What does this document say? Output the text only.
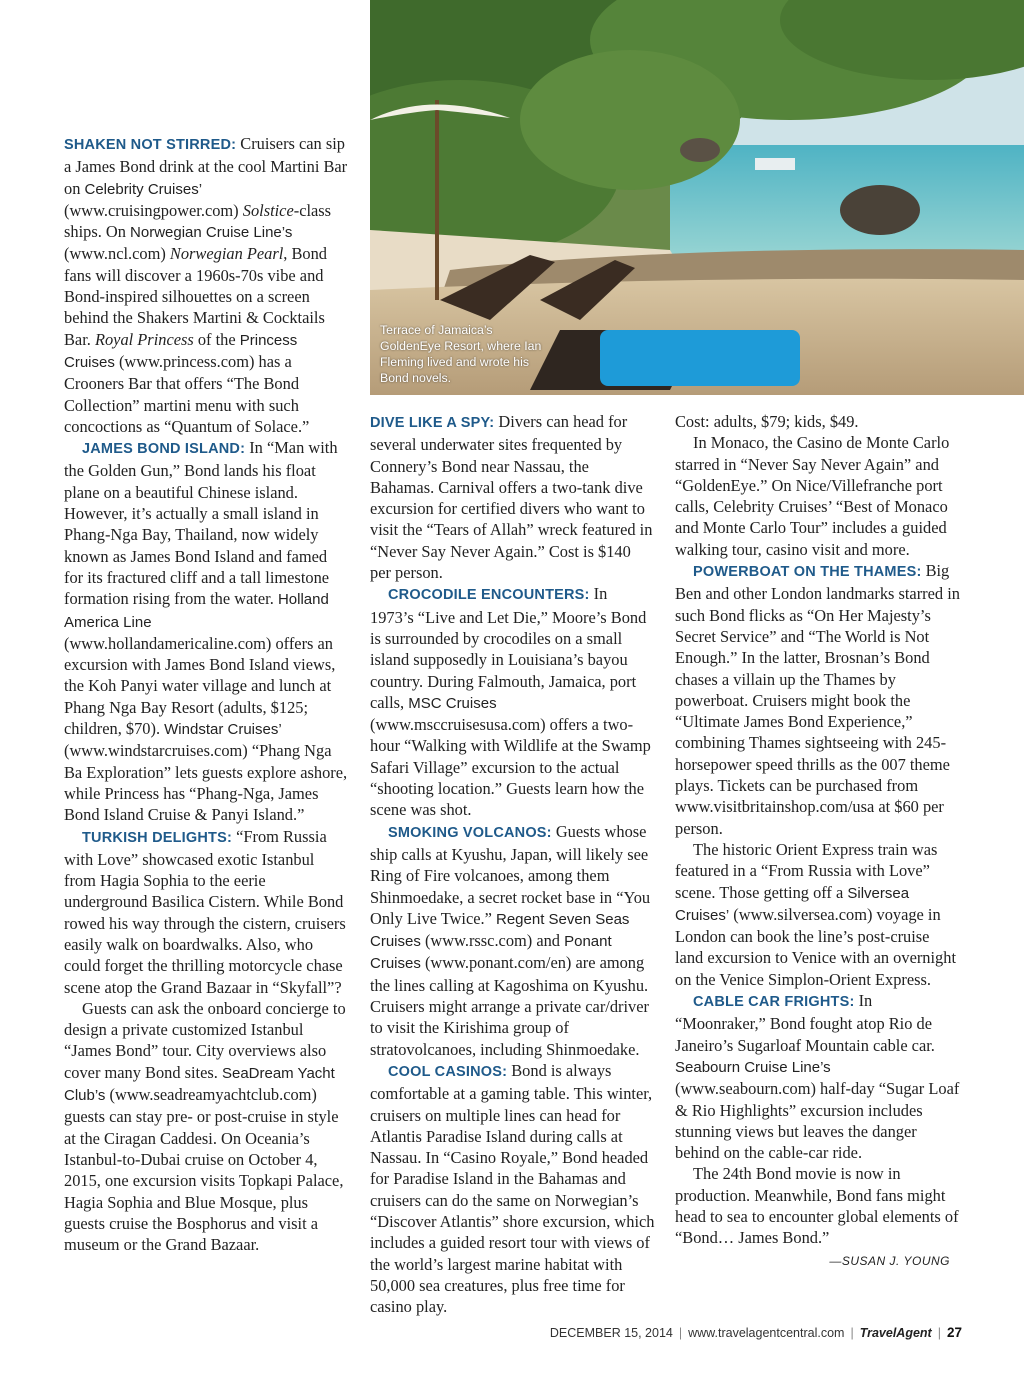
Terrace of Jamaica’s GoldenEye Resort, where Ian Fleming lived and wrote his Bond novels.

SHAKEN NOT STIRRED: Cruisers can sip a James Bond drink at the cool Martini Bar on Celebrity Cruises’ (www.cruisingpower.com) Solstice-class ships. On Norwegian Cruise Line’s (www.ncl.com) Norwegian Pearl, Bond fans will discover a 1960s-70s vibe and Bond-inspired silhouettes on a screen behind the Shakers Martini & Cocktails Bar. Royal Princess of the Princess Cruises (www.princess.com) has a Crooners Bar that offers “The Bond Collection” martini menu with such concoctions as “Quantum of Solace.”

JAMES BOND ISLAND: In “Man with the Golden Gun,” Bond lands his float plane on a beautiful Chinese island. However, it’s actually a small island in Phang-Nga Bay, Thailand, now widely known as James Bond Island and famed for its fractured cliff and a tall limestone formation rising from the water. Holland America Line (www.hollandamericaline.com) offers an excursion with James Bond Island views, the Koh Panyi water village and lunch at Phang Nga Bay Resort (adults, $125; children, $70). Windstar Cruises’ (www.windstarcruises.com) “Phang Nga Ba Exploration” lets guests explore ashore, while Princess has “Phang-Nga, James Bond Island Cruise & Panyi Island.”

TURKISH DELIGHTS: “From Russia with Love” showcased exotic Istanbul from Hagia Sophia to the eerie underground Basilica Cistern. While Bond rowed his way through the cistern, cruisers easily walk on boardwalks. Also, who could forget the thrilling motorcycle chase scene atop the Grand Bazaar in “Skyfall”?

Guests can ask the onboard concierge to design a private customized Istanbul “James Bond” tour. City overviews also cover many Bond sites. SeaDream Yacht Club’s (www.seadreamyachtclub.com) guests can stay pre- or post-cruise in style at the Ciragan Caddesi. On Oceania’s Istanbul-to-Dubai cruise on October 4, 2015, one excursion visits Topkapi Palace, Hagia Sophia and Blue Mosque, plus guests cruise the Bosphorus and visit a museum or the Grand Bazaar.

DIVE LIKE A SPY: Divers can head for several underwater sites frequented by Connery’s Bond near Nassau, the Bahamas. Carnival offers a two-tank dive excursion for certified divers who want to visit the “Tears of Allah” wreck featured in “Never Say Never Again.” Cost is $140 per person.

CROCODILE ENCOUNTERS: In 1973’s “Live and Let Die,” Moore’s Bond is surrounded by crocodiles on a small island supposedly in Louisiana’s bayou country. During Falmouth, Jamaica, port calls, MSC Cruises (www.msccruisesusa.com) offers a two-hour “Walking with Wildlife at the Swamp Safari Village” excursion to the actual “shooting location.” Guests learn how the scene was shot.

SMOKING VOLCANOS: Guests whose ship calls at Kyushu, Japan, will likely see Ring of Fire volcanoes, among them Shinmoedake, a secret rocket base in “You Only Live Twice.” Regent Seven Seas Cruises (www.rssc.com) and Ponant Cruises (www.ponant.com/en) are among the lines calling at Kagoshima on Kyushu. Cruisers might arrange a private car/driver to visit the Kirishima group of stratovolcanoes, including Shinmoedake.

COOL CASINOS: Bond is always comfortable at a gaming table. This winter, cruisers on multiple lines can head for Atlantis Paradise Island during calls at Nassau. In “Casino Royale,” Bond headed for Paradise Island in the Bahamas and cruisers can do the same on Norwegian’s “Discover Atlantis” shore excursion, which includes a guided resort tour with views of the world’s largest marine habitat with 50,000 sea creatures, plus free time for casino play.

Cost: adults, $79; kids, $49.

In Monaco, the Casino de Monte Carlo starred in “Never Say Never Again” and “GoldenEye.” On Nice/Villefranche port calls, Celebrity Cruises’ “Best of Monaco and Monte Carlo Tour” includes a guided walking tour, casino visit and more.

POWERBOAT ON THE THAMES: Big Ben and other London landmarks starred in such Bond flicks as “On Her Majesty’s Secret Service” and “The World is Not Enough.” In the latter, Brosnan’s Bond chases a villain up the Thames by powerboat. Cruisers might book the “Ultimate James Bond Experience,” combining Thames sightseeing with 245-horsepower speed thrills as the 007 theme plays. Tickets can be purchased from www.visitbritainshop.com/usa at $60 per person.

The historic Orient Express train was featured in a “From Russia with Love” scene. Those getting off a Silversea Cruises’ (www.silversea.com) voyage in London can book the line’s post-cruise land excursion to Venice with an overnight on the Venice Simplon-Orient Express.

CABLE CAR FRIGHTS: In “Moonraker,” Bond fought atop Rio de Janeiro’s Sugarloaf Mountain cable car. Seabourn Cruise Line’s (www.seabourn.com) half-day “Sugar Loaf & Rio Highlights” excursion includes stunning views but leaves the danger behind on the cable-car ride.

The 24th Bond movie is now in production. Meanwhile, Bond fans might head to sea to encounter global elements of “Bond… James Bond.”

—SUSAN J. YOUNG
DECEMBER 15, 2014 | www.travelagentcentral.com | TravelAgent | 27
